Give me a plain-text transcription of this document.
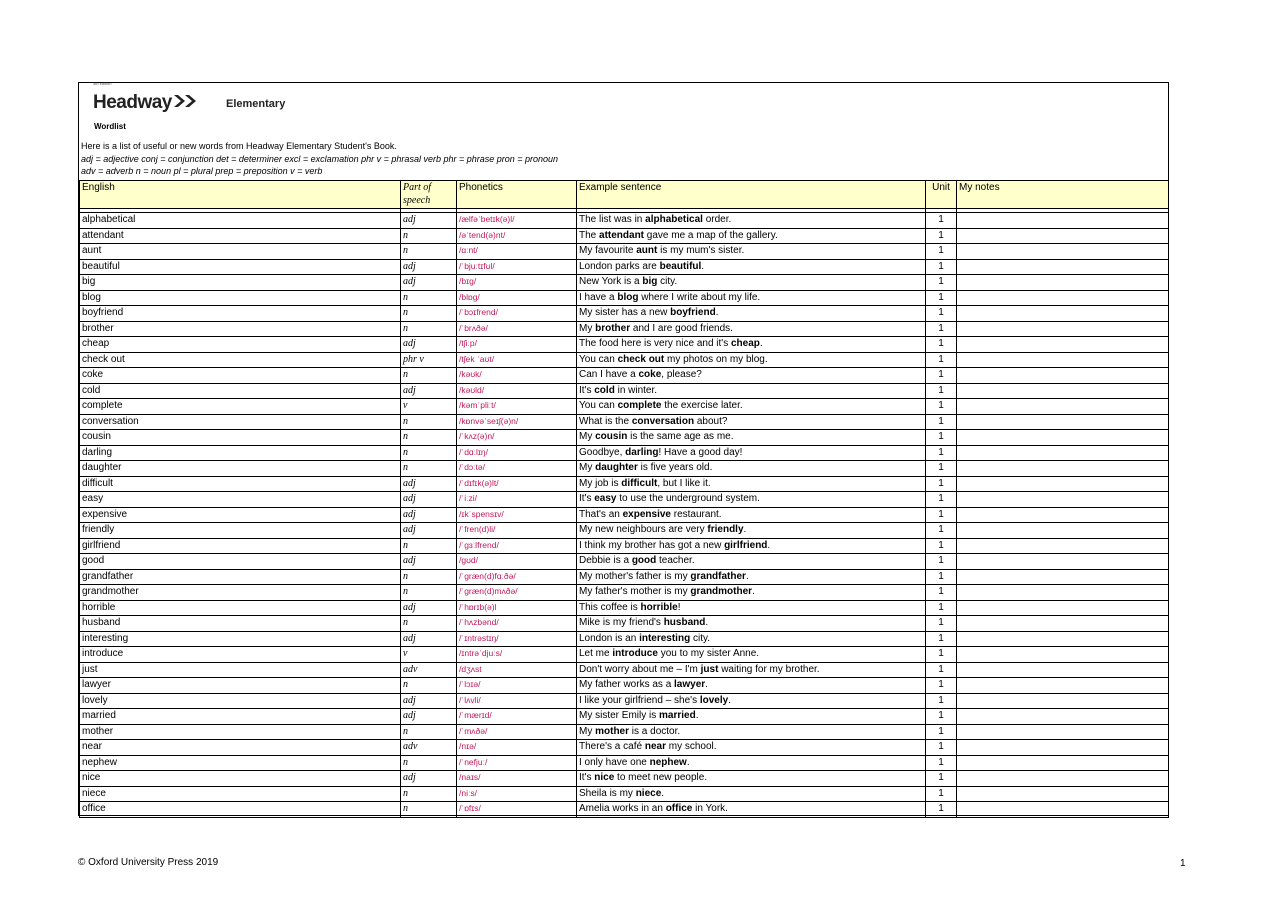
5th edition
Headway	Elementary
Wordlist
Here is a list of useful or new words from Headway Elementary Student's Book.
adj = adjective conj = conjunction det = determiner excl = exclamation phr v = phrasal verb phr = phrase pron = pronoun
adv = adverb n = noun pl = plural prep = preposition v = verb
English	Part of speech	Phonetics	Example sentence	Unit	My notes

alphabetical	adj	/ælfəˈbetɪk(ə)l/	The list was in alphabetical order.	1	
attendant	n	/əˈtend(ə)nt/	The attendant gave me a map of the gallery.	1	
aunt	n	/ɑːnt/	My favourite aunt is my mum's sister.	1	
beautiful	adj	/ˈbjuːtɪfʊl/	London parks are beautiful.	1	
big	adj	/bɪɡ/	New York is a big city.	1	
blog	n	/blɒɡ/	I have a blog where I write about my life.	1	
boyfriend	n	/ˈbɔɪfrend/	My sister has a new boyfriend.	1	
brother	n	/ˈbrʌðə/	My brother and I are good friends.	1	
cheap	adj	/tʃiːp/	The food here is very nice and it's cheap.	1	
check out	phr v	/tʃek ˈaʊt/	You can check out my photos on my blog.	1	
coke	n	/kəʊk/	Can I have a coke, please?	1	
cold	adj	/kəʊld/	It's cold in winter.	1	
complete	v	/kəmˈpliːt/	You can complete the exercise later.	1	
conversation	n	/kɒnvəˈseɪʃ(ə)n/	What is the conversation about?	1	
cousin	n	/ˈkʌz(ə)n/	My cousin is the same age as me.	1	
darling	n	/ˈdɑːlɪŋ/	Goodbye, darling! Have a good day!	1	
daughter	n	/ˈdɔːtə/	My daughter is five years old.	1	
difficult	adj	/ˈdɪfɪk(ə)lt/	My job is difficult, but I like it.	1	
easy	adj	/ˈiːzi/	It's easy to use the underground system.	1	
expensive	adj	/ɪkˈspensɪv/	That's an expensive restaurant.	1	
friendly	adj	/ˈfren(d)li/	My new neighbours are very friendly.	1	
girlfriend	n	/ˈɡɜːlfrend/	I think my brother has got a new girlfriend.	1	
good	adj	/ɡʊd/	Debbie is a good teacher.	1	
grandfather	n	/ˈɡræn(d)fɑːðə/	My mother's father is my grandfather.	1	
grandmother	n	/ˈɡræn(d)mʌðə/	My father's mother is my grandmother.	1	
horrible	adj	/ˈhɒrɪb(ə)l	This coffee is horrible!	1	
husband	n	/ˈhʌzbənd/	Mike is my friend's husband.	1	
interesting	adj	/ˈɪntrəstɪŋ/	London is an interesting city.	1	
introduce	v	/ɪntrəˈdjuːs/	Let me introduce you to my sister Anne.	1	
just	adv	/dʒʌst	Don't worry about me – I'm just waiting for my brother.	1	
lawyer	n	/ˈlɔɪə/	My father works as a lawyer.	1	
lovely	adj	/ˈlʌvli/	I like your girlfriend – she's lovely.	1	
married	adj	/ˈmærɪd/	My sister Emily is married.	1	
mother	n	/ˈmʌðə/	My mother is a doctor.	1	
near	adv	/nɪə/	There's a café near my school.	1	
nephew	n	/ˈnefjuː/	I only have one nephew.	1	
nice	adj	/naɪs/	It's nice to meet new people.	1	
niece	n	/niːs/	Sheila is my niece.	1	
office	n	/ˈɒfɪs/	Amelia works in an office in York.	1	
© Oxford University Press 2019	1
